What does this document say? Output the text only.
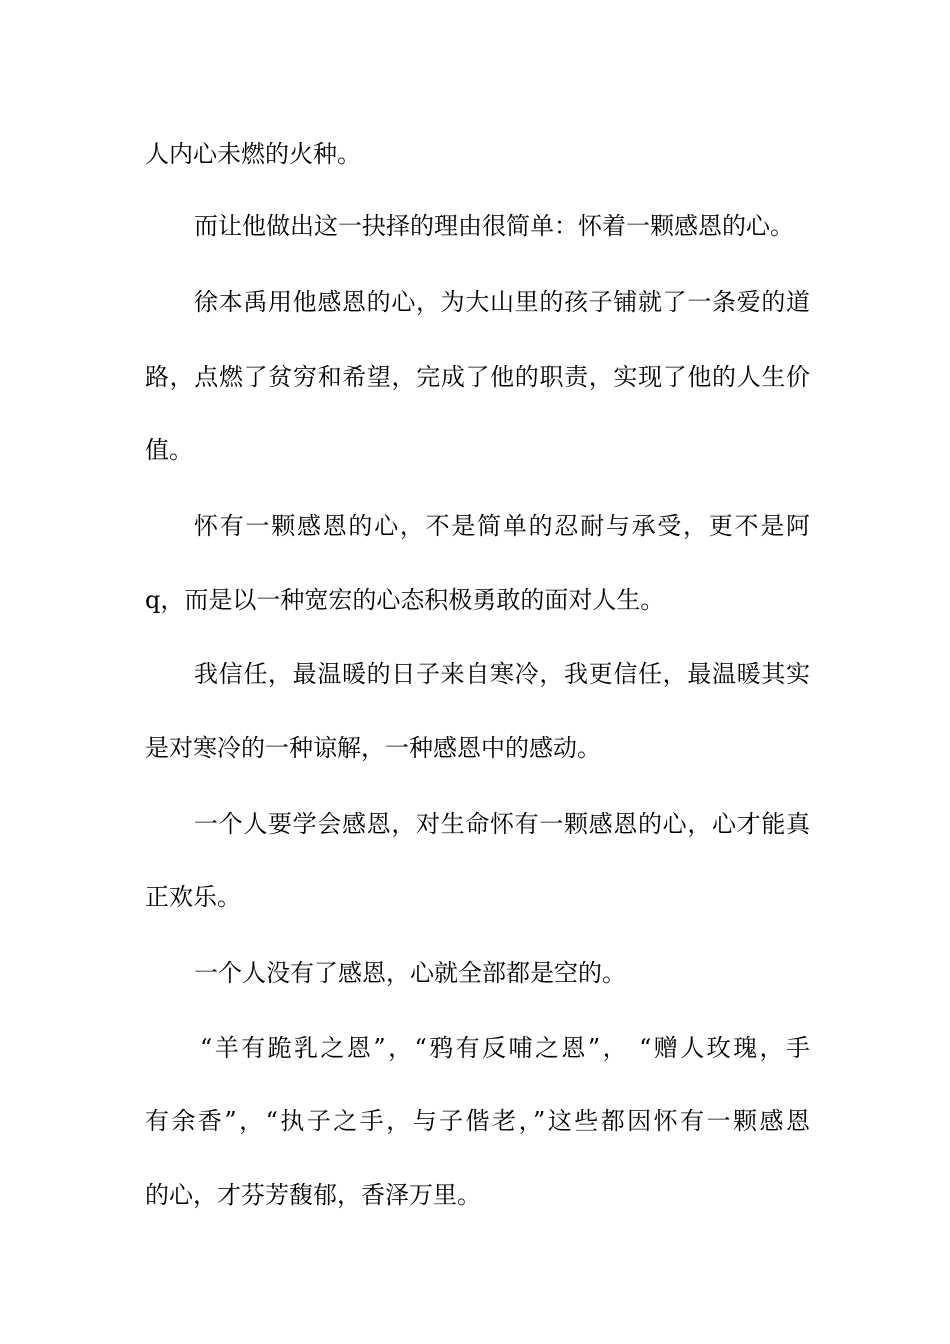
人内心未燃的火种。
而让他做出这一抉择的理由很简单：怀着一颗感恩的心。
徐本禹用他感恩的心，为大山里的孩子铺就了一条爱的道
路，点燃了贫穷和希望，完成了他的职责，实现了他的人生价
值。
怀有一颗感恩的心，不是简单的忍耐与承受，更不是阿
q，而是以一种宽宏的心态积极勇敢的面对人生。
我信任，最温暖的日子来自寒冷，我更信任，最温暖其实
是对寒冷的一种谅解，一种感恩中的感动。
一个人要学会感恩，对生命怀有一颗感恩的心，心才能真
正欢乐。
一个人没有了感恩，心就全部都是空的。
“羊有跪乳之恩”，“鸦有反哺之恩”， “赠人玫瑰，手
有余香”，“执子之手，与子偕老，”这些都因怀有一颗感恩
的心，才芬芳馥郁，香泽万里。
